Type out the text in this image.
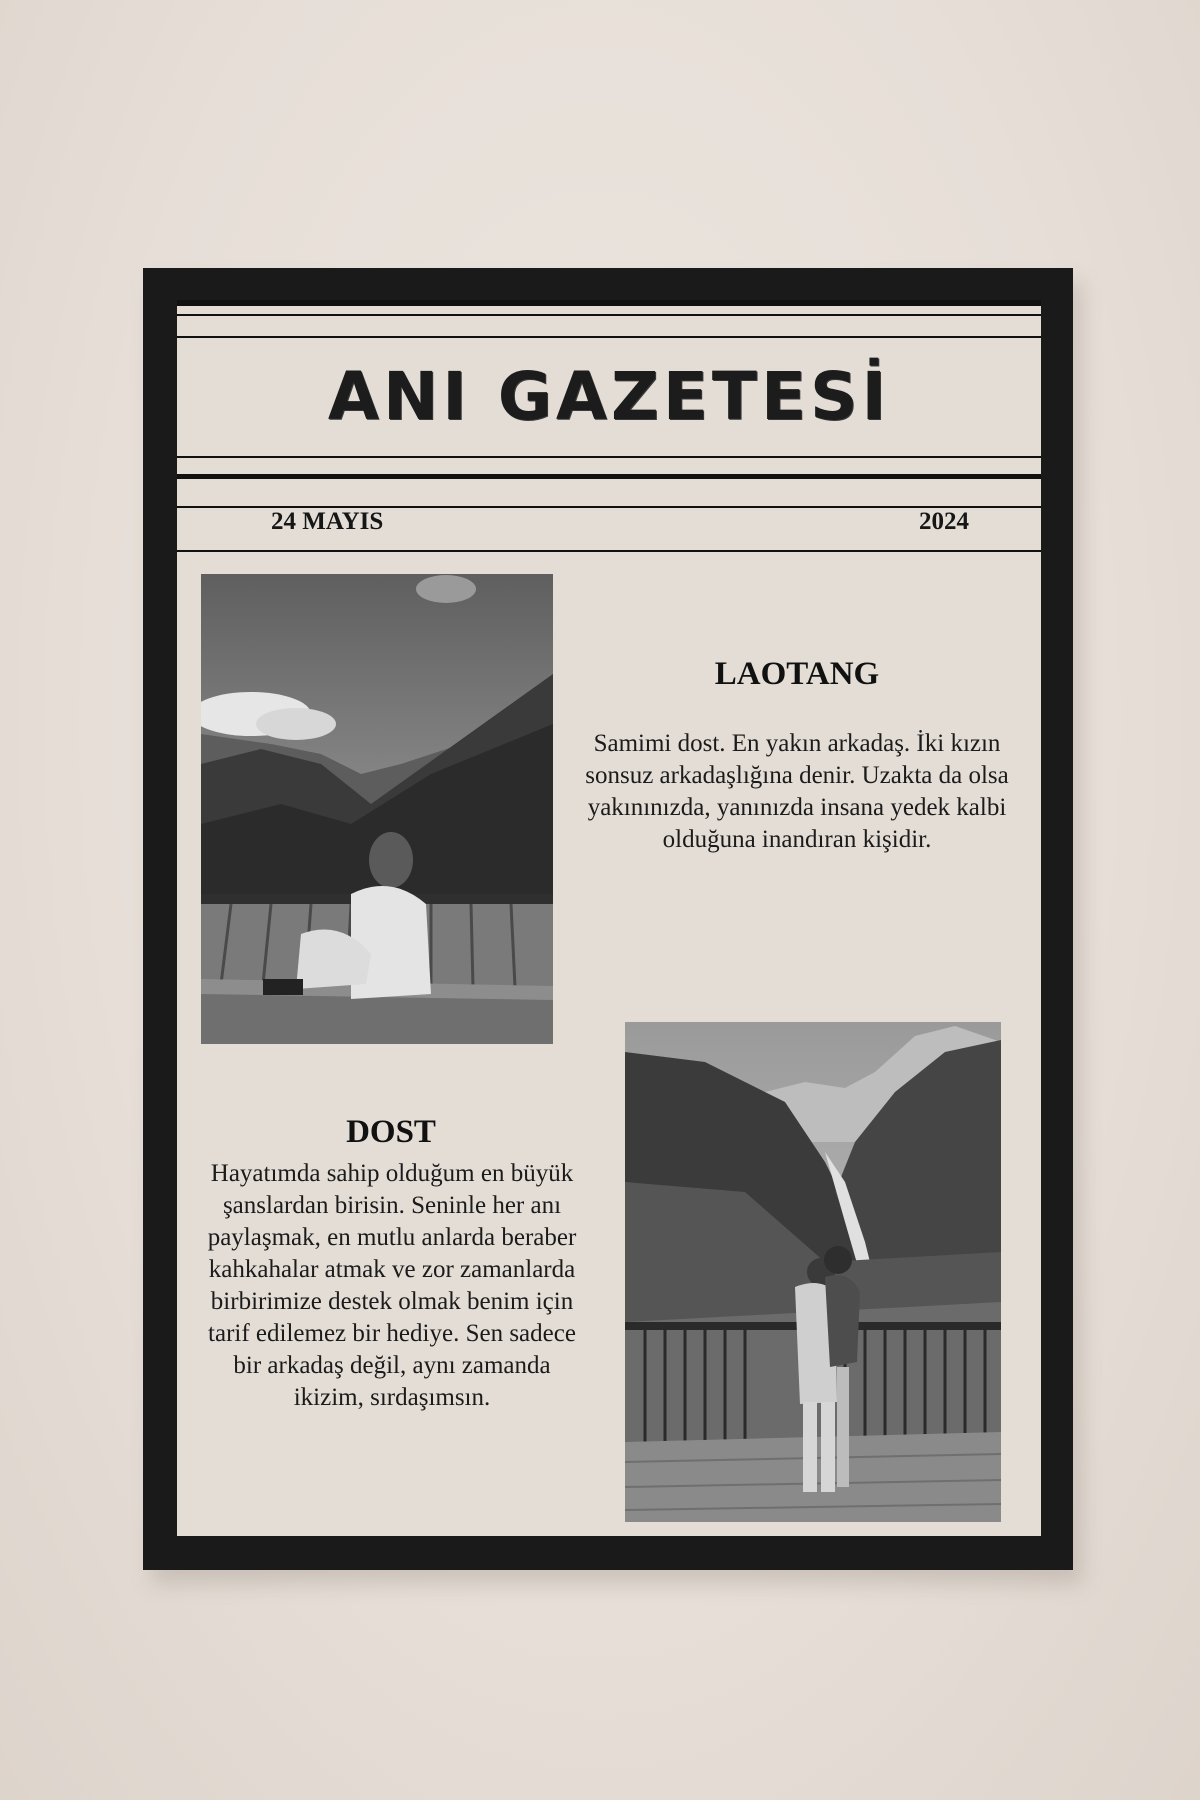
ANI GAZETESİ
24 MAYIS	2024
LAOTANG
Samimi dost. En yakın arkadaş. İki kızın sonsuz arkadaşlığına denir. Uzakta da olsa yakınınızda, yanınızda insana yedek kalbi olduğuna inandıran kişidir.
DOST
Hayatımda sahip olduğum en büyük şanslardan birisin. Seninle her anı paylaşmak, en mutlu anlarda beraber kahkahalar atmak ve zor zamanlarda birbirimize destek olmak benim için tarif edilemez bir hediye. Sen sadece bir arkadaş değil, aynı zamanda ikizim, sırdaşımsın.
